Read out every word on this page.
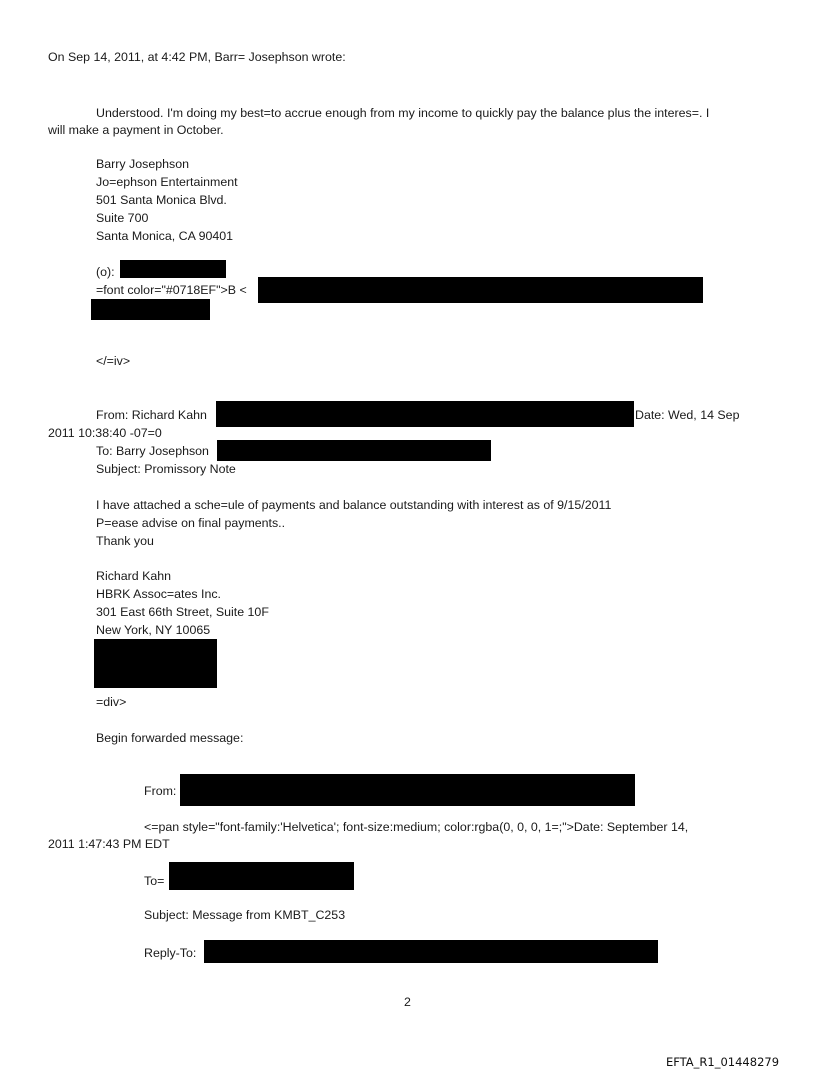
On Sep 14, 2011, at 4:42 PM, Barr= Josephson wrote:
Understood. I'm doing my best=to accrue enough from my income to quickly pay the balance plus the interes=. I
will make a payment in October.
Barry Josephson
Jo=ephson Entertainment
501 Santa Monica Blvd.
Suite 700
Santa Monica, CA 90401
(o):
=font color="#0718EF">B <
</=iv>
From: Richard Kahn	Date: Wed, 14 Sep
2011 10:38:40 -07=0
To: Barry Josephson
Subject: Promissory Note
I have attached a sche=ule of payments and balance outstanding with interest as of 9/15/2011
P=ease advise on final payments..
Thank you
Richard Kahn
HBRK Assoc=ates Inc.
301 East 66th Street, Suite 10F
New York, NY 10065
=div>
Begin forwarded message:
From:
<=pan style="font-family:'Helvetica'; font-size:medium; color:rgba(0, 0, 0, 1=;">Date: September 14,
2011 1:47:43 PM EDT
To=
Subject: Message from KMBT_C253
Reply-To:
2
EFTA_R1_01448279
